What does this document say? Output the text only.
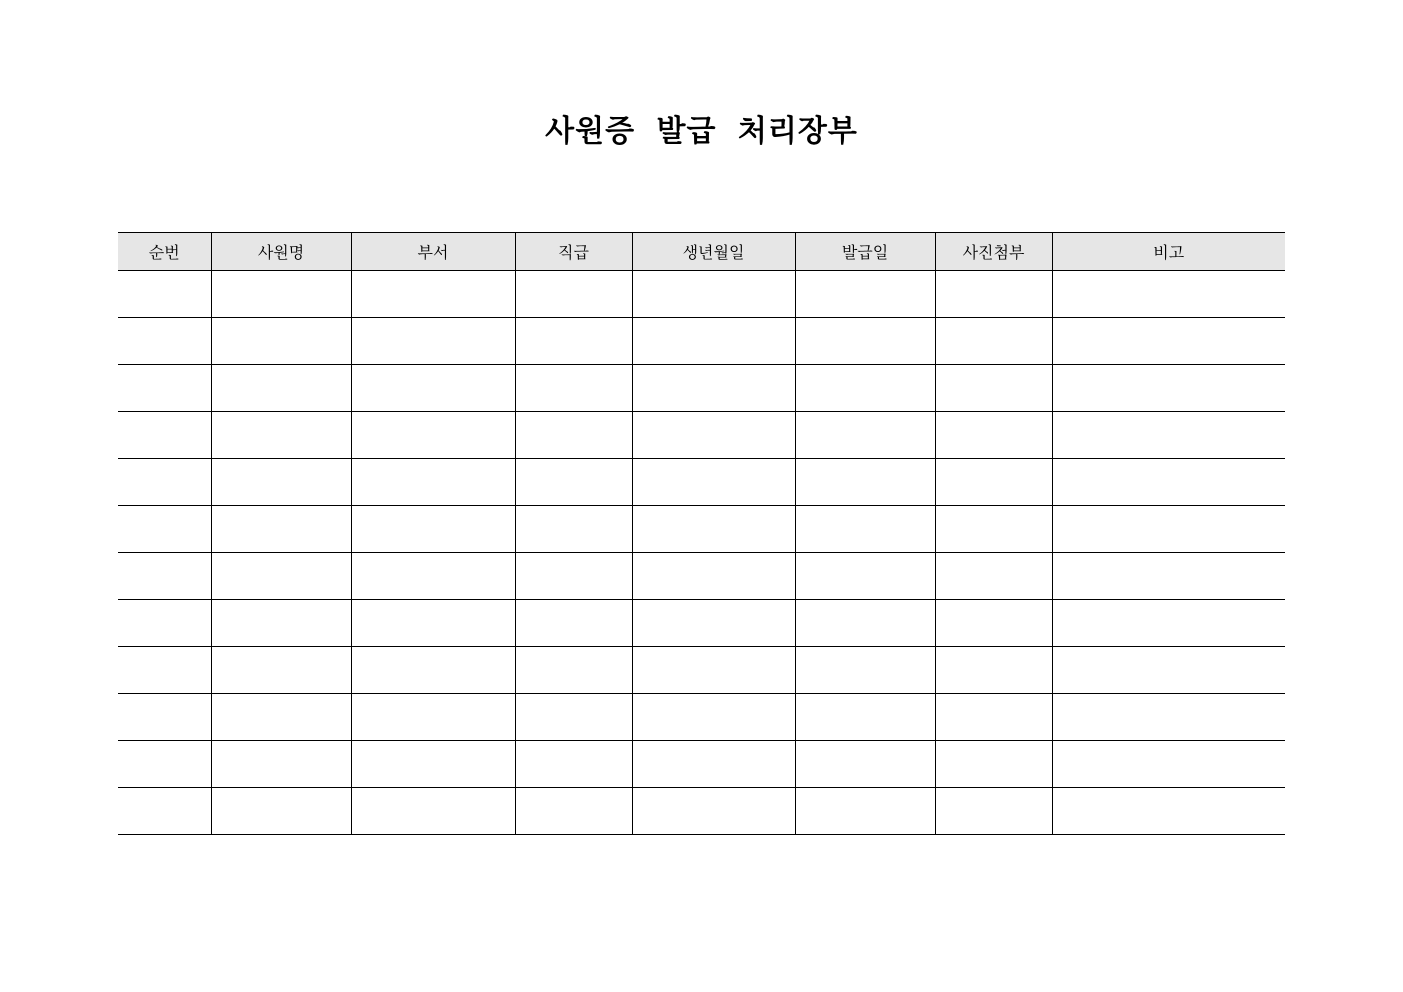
사원증 발급 처리장부
순번	사원명	부서	직급	생년월일	발급일	사진첨부	비고
